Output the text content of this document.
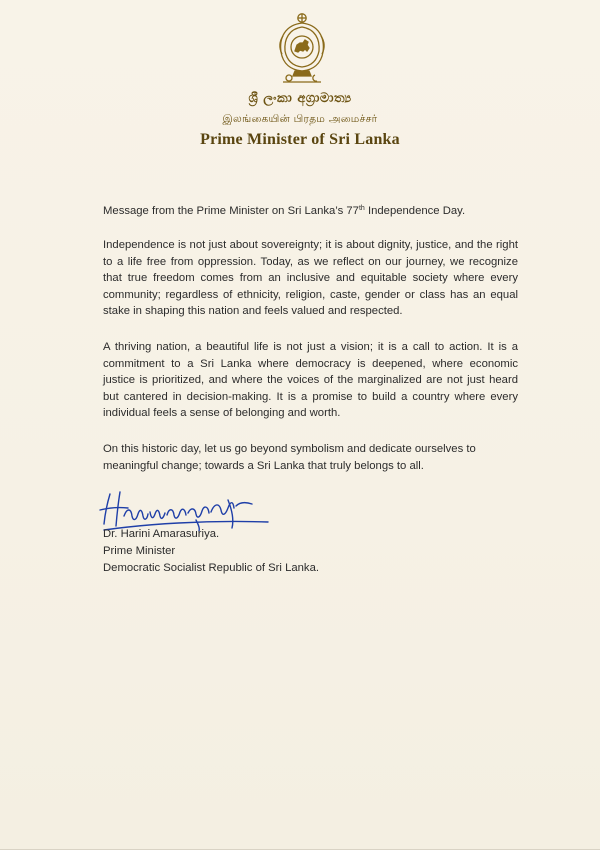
ශ්‍රී ලංකා අග්‍රාමාත්‍ය
இலங்கையின் பிரதம அமைச்சர்
Prime Minister of Sri Lanka

Message from the Prime Minister on Sri Lanka’s 77th Independence Day.

Independence is not just about sovereignty; it is about dignity, justice, and the right to a life free from oppression. Today, as we reflect on our journey, we recognize that true freedom comes from an inclusive and equitable society where every community; regardless of ethnicity, religion, caste, gender or class has an equal stake in shaping this nation and feels valued and respected.

A thriving nation, a beautiful life is not just a vision; it is a call to action. It is a commitment to a Sri Lanka where democracy is deepened, where economic justice is prioritized, and where the voices of the marginalized are not just heard but cantered in decision-making. It is a promise to build a country where every individual feels a sense of belonging and worth.

On this historic day, let us go beyond symbolism and dedicate ourselves to meaningful change; towards a Sri Lanka that truly belongs to all.

Dr. Harini Amarasuriya.
Prime Minister
Democratic Socialist Republic of Sri Lanka.
